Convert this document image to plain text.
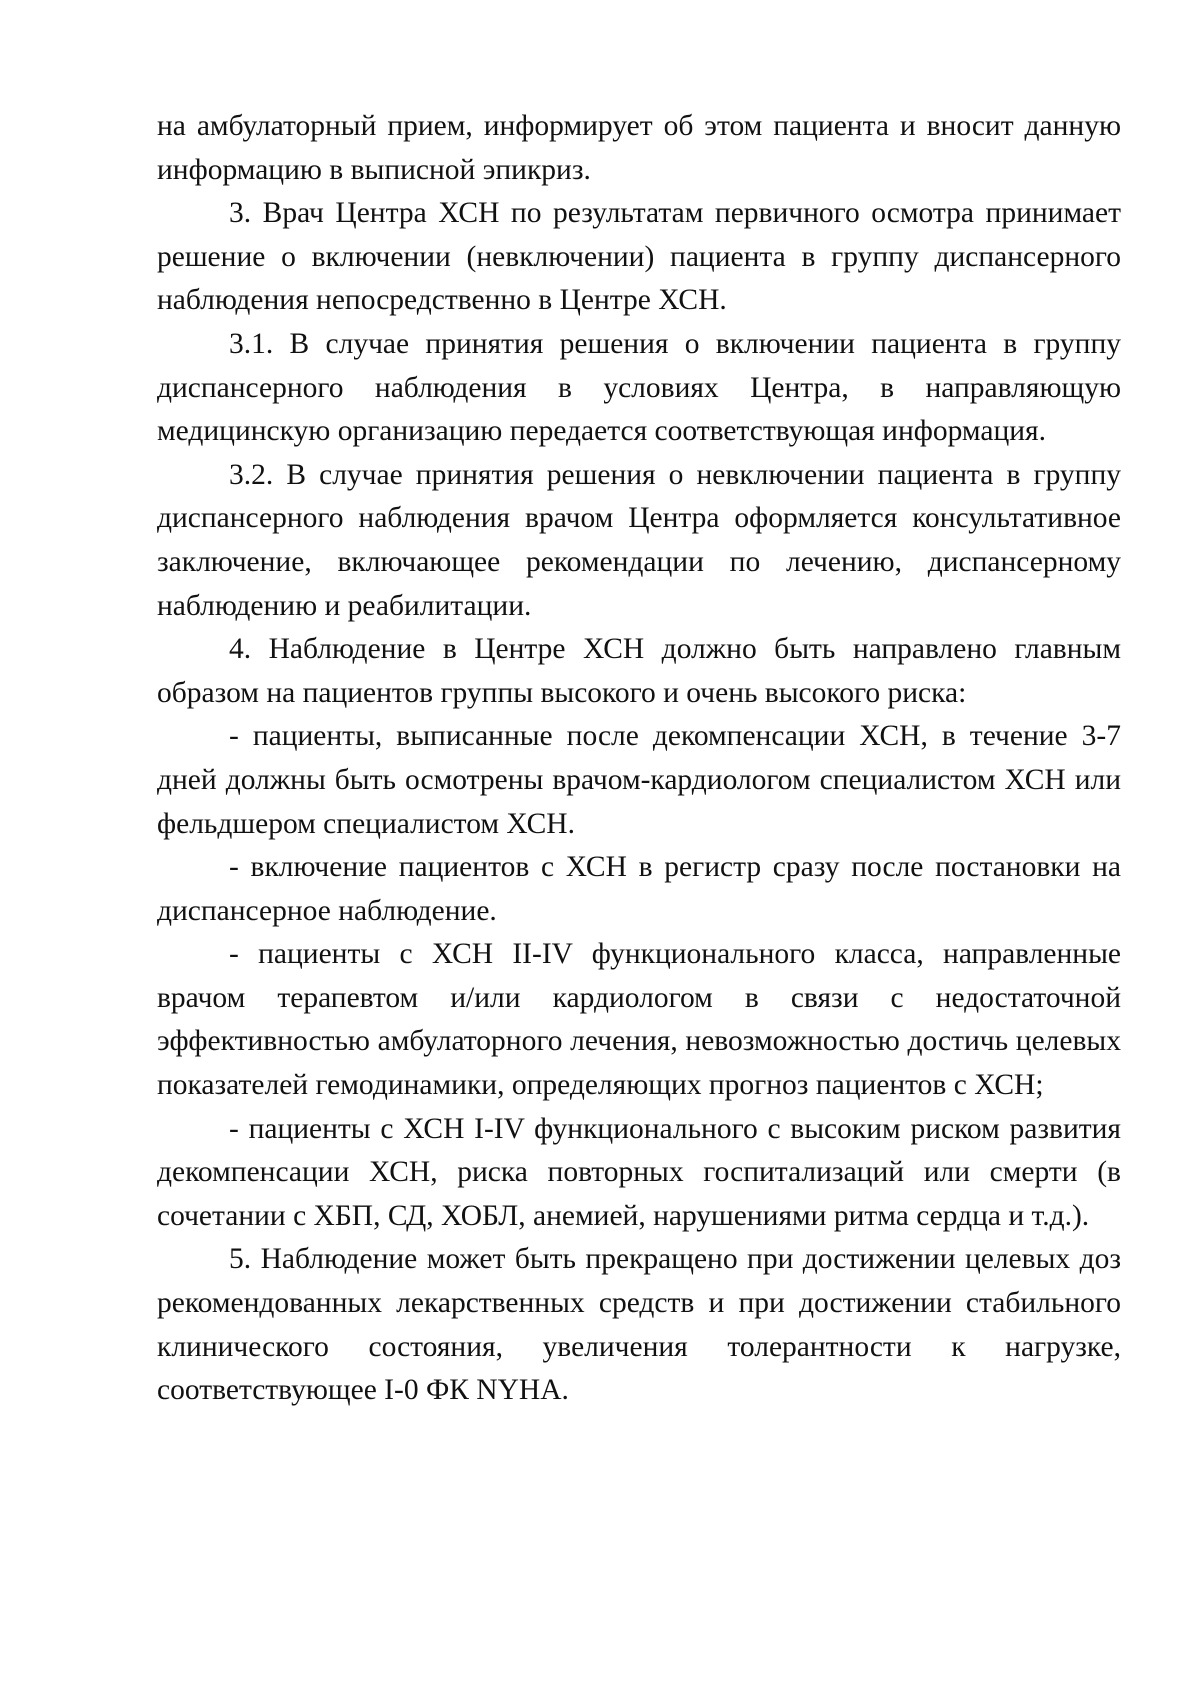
на амбулаторный прием, информирует об этом пациента и вносит данную информацию в выписной эпикриз.

3. Врач Центра ХСН по результатам первичного осмотра принимает решение о включении (невключении) пациента в группу диспансерного наблюдения непосредственно в Центре ХСН.

3.1. В случае принятия решения о включении пациента в группу диспансерного наблюдения в условиях Центра, в направляющую медицинскую организацию передается соответствующая информация.

3.2. В случае принятия решения о невключении пациента в группу диспансерного наблюдения врачом Центра оформляется консультативное заключение, включающее рекомендации по лечению, диспансерному наблюдению и реабилитации.

4. Наблюдение в Центре ХСН должно быть направлено главным образом на пациентов группы высокого и очень высокого риска:

- пациенты, выписанные после декомпенсации ХСН, в течение 3-7 дней должны быть осмотрены врачом-кардиологом специалистом ХСН или фельдшером специалистом ХСН.

- включение пациентов с ХСН в регистр сразу после постановки на диспансерное наблюдение.

- пациенты с ХСН II-IV функционального класса, направленные врачом терапевтом и/или кардиологом в связи с недостаточной эффективностью амбулаторного лечения, невозможностью достичь целевых показателей гемодинамики, определяющих прогноз пациентов с ХСН;

- пациенты с ХСН I-IV функционального с высоким риском развития декомпенсации ХСН, риска повторных госпитализаций или смерти (в сочетании с ХБП, СД, ХОБЛ, анемией, нарушениями ритма сердца и т.д.).

5. Наблюдение может быть прекращено при достижении целевых доз рекомендованных лекарственных средств и при достижении стабильного клинического состояния, увеличения толерантности к нагрузке, соответствующее I-0 ФК NYHA.
